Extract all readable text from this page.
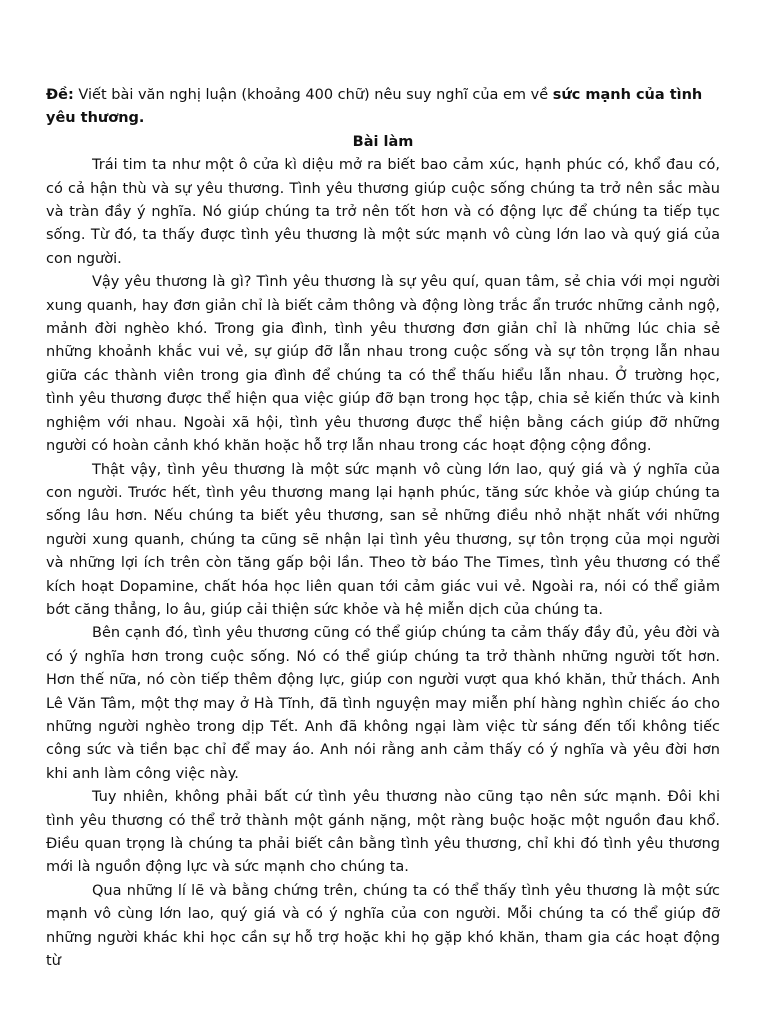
Đề: Viết bài văn nghị luận (khoảng 400 chữ) nêu suy nghĩ của em về sức mạnh của tình yêu thương.

Bài làm

Trái tim ta như một ô cửa kì diệu mở ra biết bao cảm xúc, hạnh phúc có, khổ đau có, có cả hận thù và sự yêu thương. Tình yêu thương giúp cuộc sống chúng ta trở nên sắc màu và tràn đầy ý nghĩa. Nó giúp chúng ta trở nên tốt hơn và có động lực để chúng ta tiếp tục sống. Từ đó, ta thấy được tình yêu thương là một sức mạnh vô cùng lớn lao và quý giá của con người.

Vậy yêu thương là gì? Tình yêu thương là sự yêu quí, quan tâm, sẻ chia với mọi người xung quanh, hay đơn giản chỉ là biết cảm thông và động lòng trắc ẩn trước những cảnh ngộ, mảnh đời nghèo khó. Trong gia đình, tình yêu thương đơn giản chỉ là những lúc chia sẻ những khoảnh khắc vui vẻ, sự giúp đỡ lẫn nhau trong cuộc sống và sự tôn trọng lẫn nhau giữa các thành viên trong gia đình để chúng ta có thể thấu hiểu lẫn nhau. Ở trường học, tình yêu thương được thể hiện qua việc giúp đỡ bạn trong học tập, chia sẻ kiến thức và kinh nghiệm với nhau. Ngoài xã hội, tình yêu thương được thể hiện bằng cách giúp đỡ những người có hoàn cảnh khó khăn hoặc hỗ trợ lẫn nhau trong các hoạt động cộng đồng.

Thật vậy, tình yêu thương là một sức mạnh vô cùng lớn lao, quý giá và ý nghĩa của con người. Trước hết, tình yêu thương mang lại hạnh phúc, tăng sức khỏe và giúp chúng ta sống lâu hơn. Nếu chúng ta biết yêu thương, san sẻ những điều nhỏ nhặt nhất với những người xung quanh, chúng ta cũng sẽ nhận lại tình yêu thương, sự tôn trọng của mọi người và những lợi ích trên còn tăng gấp bội lần. Theo tờ báo The Times, tình yêu thương có thể kích hoạt Dopamine, chất hóa học liên quan tới cảm giác vui vẻ. Ngoài ra, nói có thể giảm bớt căng thẳng, lo âu, giúp cải thiện sức khỏe và hệ miễn dịch của chúng ta.

Bên cạnh đó, tình yêu thương cũng có thể giúp chúng ta cảm thấy đầy đủ, yêu đời và có ý nghĩa hơn trong cuộc sống. Nó có thể giúp chúng ta trở thành những người tốt hơn. Hơn thế nữa, nó còn tiếp thêm động lực, giúp con người vượt qua khó khăn, thử thách. Anh Lê Văn Tâm, một thợ may ở Hà Tĩnh, đã tình nguyện may miễn phí hàng nghìn chiếc áo cho những người nghèo trong dịp Tết. Anh đã không ngại làm việc từ sáng đến tối không tiếc công sức và tiền bạc chỉ để may áo. Anh nói rằng anh cảm thấy có ý nghĩa và yêu đời hơn khi anh làm công việc này.

Tuy nhiên, không phải bất cứ tình yêu thương nào cũng tạo nên sức mạnh. Đôi khi tình yêu thương có thể trở thành một gánh nặng, một ràng buộc hoặc một nguồn đau khổ. Điều quan trọng là chúng ta phải biết cân bằng tình yêu thương, chỉ khi đó tình yêu thương mới là nguồn động lực và sức mạnh cho chúng ta.

Qua những lí lẽ và bằng chứng trên, chúng ta có thể thấy tình yêu thương là một sức mạnh vô cùng lớn lao, quý giá và có ý nghĩa của con người. Mỗi chúng ta có thể giúp đỡ những người khác khi học cần sự hỗ trợ hoặc khi họ gặp khó khăn, tham gia các hoạt động từ
